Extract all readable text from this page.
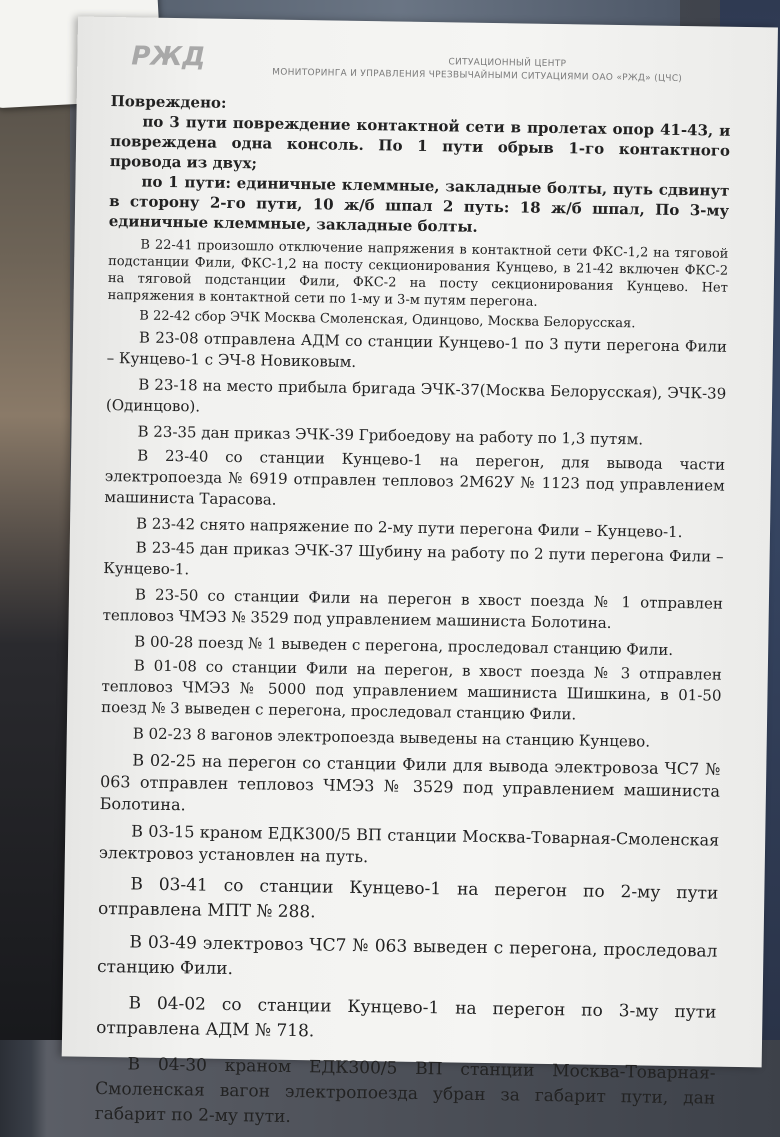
РЖД	СИТУАЦИОННЫЙ ЦЕНТР
МОНИТОРИНГА И УПРАВЛЕНИЯ ЧРЕЗВЫЧАЙНЫМИ СИТУАЦИЯМИ ОАО «РЖД» (ЦЧС)
Повреждено:

по 3 пути повреждение контактной сети в пролетах опор 41-43, и повреждена одна консоль. По 1 пути обрыв 1-го контактного провода из двух;

по 1 пути: единичные клеммные, закладные болты, путь сдвинут в сторону 2-го пути, 10 ж/б шпал 2 путь: 18 ж/б шпал, По 3-му единичные клеммные, закладные болты.

В 22-41 произошло отключение напряжения в контактной сети ФКС-1,2 на тяговой подстанции Фили, ФКС-1,2 на посту секционирования Кунцево, в 21-42 включен ФКС-2 на тяговой подстанции Фили, ФКС-2 на посту секционирования Кунцево. Нет напряжения в контактной сети по 1-му и 3-м путям перегона.

В 22-42 сбор ЭЧК Москва Смоленская, Одинцово, Москва Белорусская.

В 23-08 отправлена АДМ со станции Кунцево-1 по 3 пути перегона Фили – Кунцево-1 с ЭЧ-8 Новиковым.

В 23-18 на место прибыла бригада ЭЧК-37(Москва Белорусская), ЭЧК-39 (Одинцово).

В 23-35 дан приказ ЭЧК-39 Грибоедову на работу по 1,3 путям.

В 23-40 со станции Кунцево-1 на перегон, для вывода части электропоезда № 6919 отправлен тепловоз 2М62У № 1123 под управлением машиниста Тарасова.

В 23-42 снято напряжение по 2-му пути перегона Фили – Кунцево-1.

В 23-45 дан приказ ЭЧК-37 Шубину на работу по 2 пути перегона Фили – Кунцево-1.

В 23-50 со станции Фили на перегон в хвост поезда № 1 отправлен тепловоз ЧМЭ3 № 3529 под управлением машиниста Болотина.

В 00-28 поезд № 1 выведен с перегона, проследовал станцию Фили.

В 01-08 со станции Фили на перегон, в хвост поезда № 3 отправлен тепловоз ЧМЭ3 № 5000 под управлением машиниста Шишкина, в 01-50 поезд № 3 выведен с перегона, проследовал станцию Фили.

В 02-23 8 вагонов электропоезда выведены на станцию Кунцево.

В 02-25 на перегон со станции Фили для вывода электровоза ЧС7 № 063 отправлен тепловоз ЧМЭ3 № 3529 под управлением машиниста Болотина.

В 03-15 краном ЕДК300/5 ВП станции Москва-Товарная-Смоленская электровоз установлен на путь.

В 03-41 со станции Кунцево-1 на перегон по 2-му пути отправлена МПТ № 288.

В 03-49 электровоз ЧС7 № 063 выведен с перегона, проследовал станцию Фили.

В 04-02 со станции Кунцево-1 на перегон по 3-му пути отправлена АДМ № 718.

В 04-30 краном ЕДК300/5 ВП станции Москва-Товарная-Смоленская вагон электропоезда убран за габарит пути, дан габарит по 2-му пути.
